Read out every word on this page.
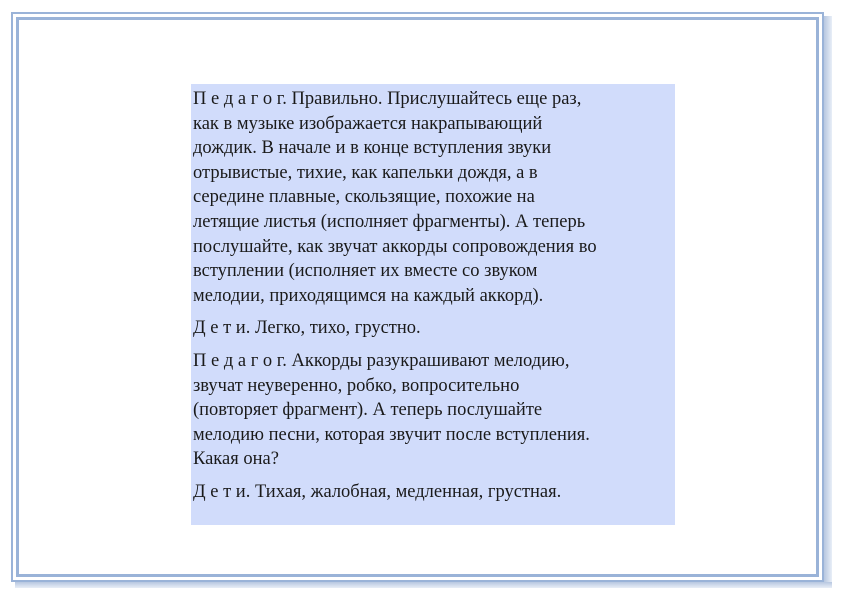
П е д а г о г. Правильно. Прислушайтесь еще раз,
как в музыке изображается накрапывающий
дождик. В начале и в конце вступления звуки
отрывистые, тихие, как капельки дождя, а в
середине плавные, скользящие, похожие на
летящие листья (исполняет фрагменты). А теперь
послушайте, как звучат аккорды сопровождения во
вступлении (исполняет их вместе со звуком
мелодии, приходящимся на каждый аккорд).

Д е т и. Легко, тихо, грустно.

П е д а г о г. Аккорды разукрашивают мелодию,
звучат неуверенно, робко, вопросительно
(повторяет фрагмент). А теперь послушайте
мелодию песни, которая звучит после вступления.
Какая она?

Д е т и. Тихая, жалобная, медленная, грустная.
